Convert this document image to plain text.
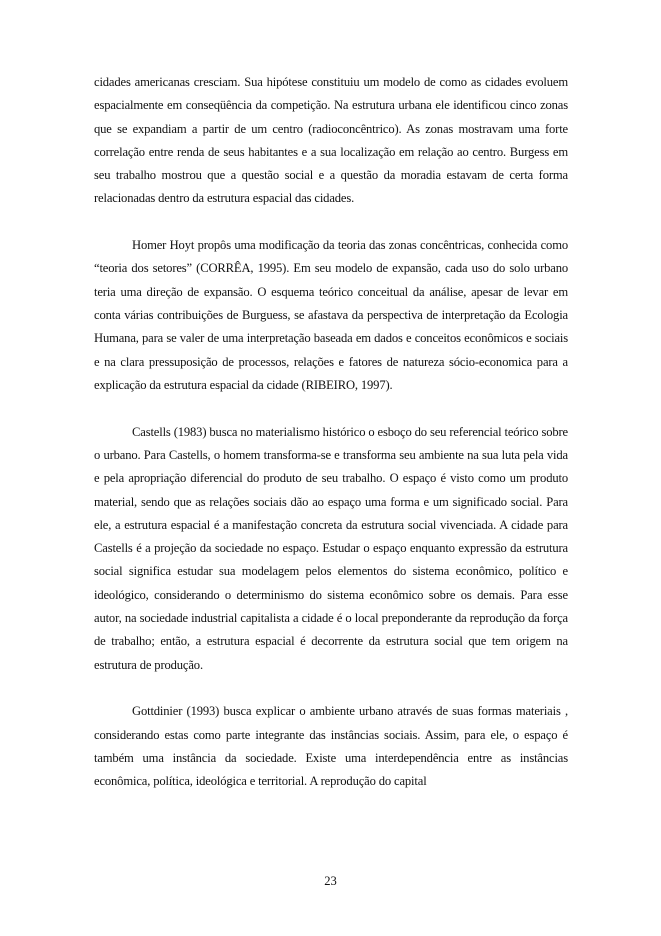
cidades americanas cresciam. Sua hipótese constituiu um modelo de como as cidades evoluem espacialmente em conseqüência da competição. Na estrutura urbana ele identificou cinco zonas que se expandiam a partir de um centro (radioconcêntrico). As zonas mostravam uma forte correlação entre renda de seus habitantes e a sua localização em relação ao centro. Burgess em seu trabalho mostrou que a questão social e a questão da moradia estavam de certa forma relacionadas dentro da estrutura espacial das cidades.

Homer Hoyt propôs uma modificação da teoria das zonas concêntricas, conhecida como “teoria dos setores” (CORRÊA, 1995). Em seu modelo de expansão, cada uso do solo urbano teria uma direção de expansão. O esquema teórico conceitual da análise, apesar de levar em conta várias contribuições de Burguess, se afastava da perspectiva de interpretação da Ecologia Humana, para se valer de uma interpretação baseada em dados e conceitos econômicos e sociais e na clara pressuposição de processos, relações e fatores de natureza sócio-economica para a explicação da estrutura espacial da cidade (RIBEIRO, 1997).

Castells (1983) busca no materialismo histórico o esboço do seu referencial teórico sobre o urbano. Para Castells, o homem transforma-se e transforma seu ambiente na sua luta pela vida e pela apropriação diferencial do produto de seu trabalho. O espaço é visto como um produto material, sendo que as relações sociais dão ao espaço uma forma e um significado social. Para ele, a estrutura espacial é a manifestação concreta da estrutura social vivenciada. A cidade para Castells é a projeção da sociedade no espaço. Estudar o espaço enquanto expressão da estrutura social significa estudar sua modelagem pelos elementos do sistema econômico, político e ideológico, considerando o determinismo do sistema econômico sobre os demais. Para esse autor, na sociedade industrial capitalista a cidade é o local preponderante da reprodução da força de trabalho; então, a estrutura espacial é decorrente da estrutura social que tem origem na estrutura de produção.

Gottdinier (1993) busca explicar o ambiente urbano através de suas formas materiais , considerando estas como parte integrante das instâncias sociais. Assim, para ele, o espaço é também uma instância da sociedade. Existe uma interdependência entre as instâncias econômica, política, ideológica e territorial. A reprodução do capital

23
